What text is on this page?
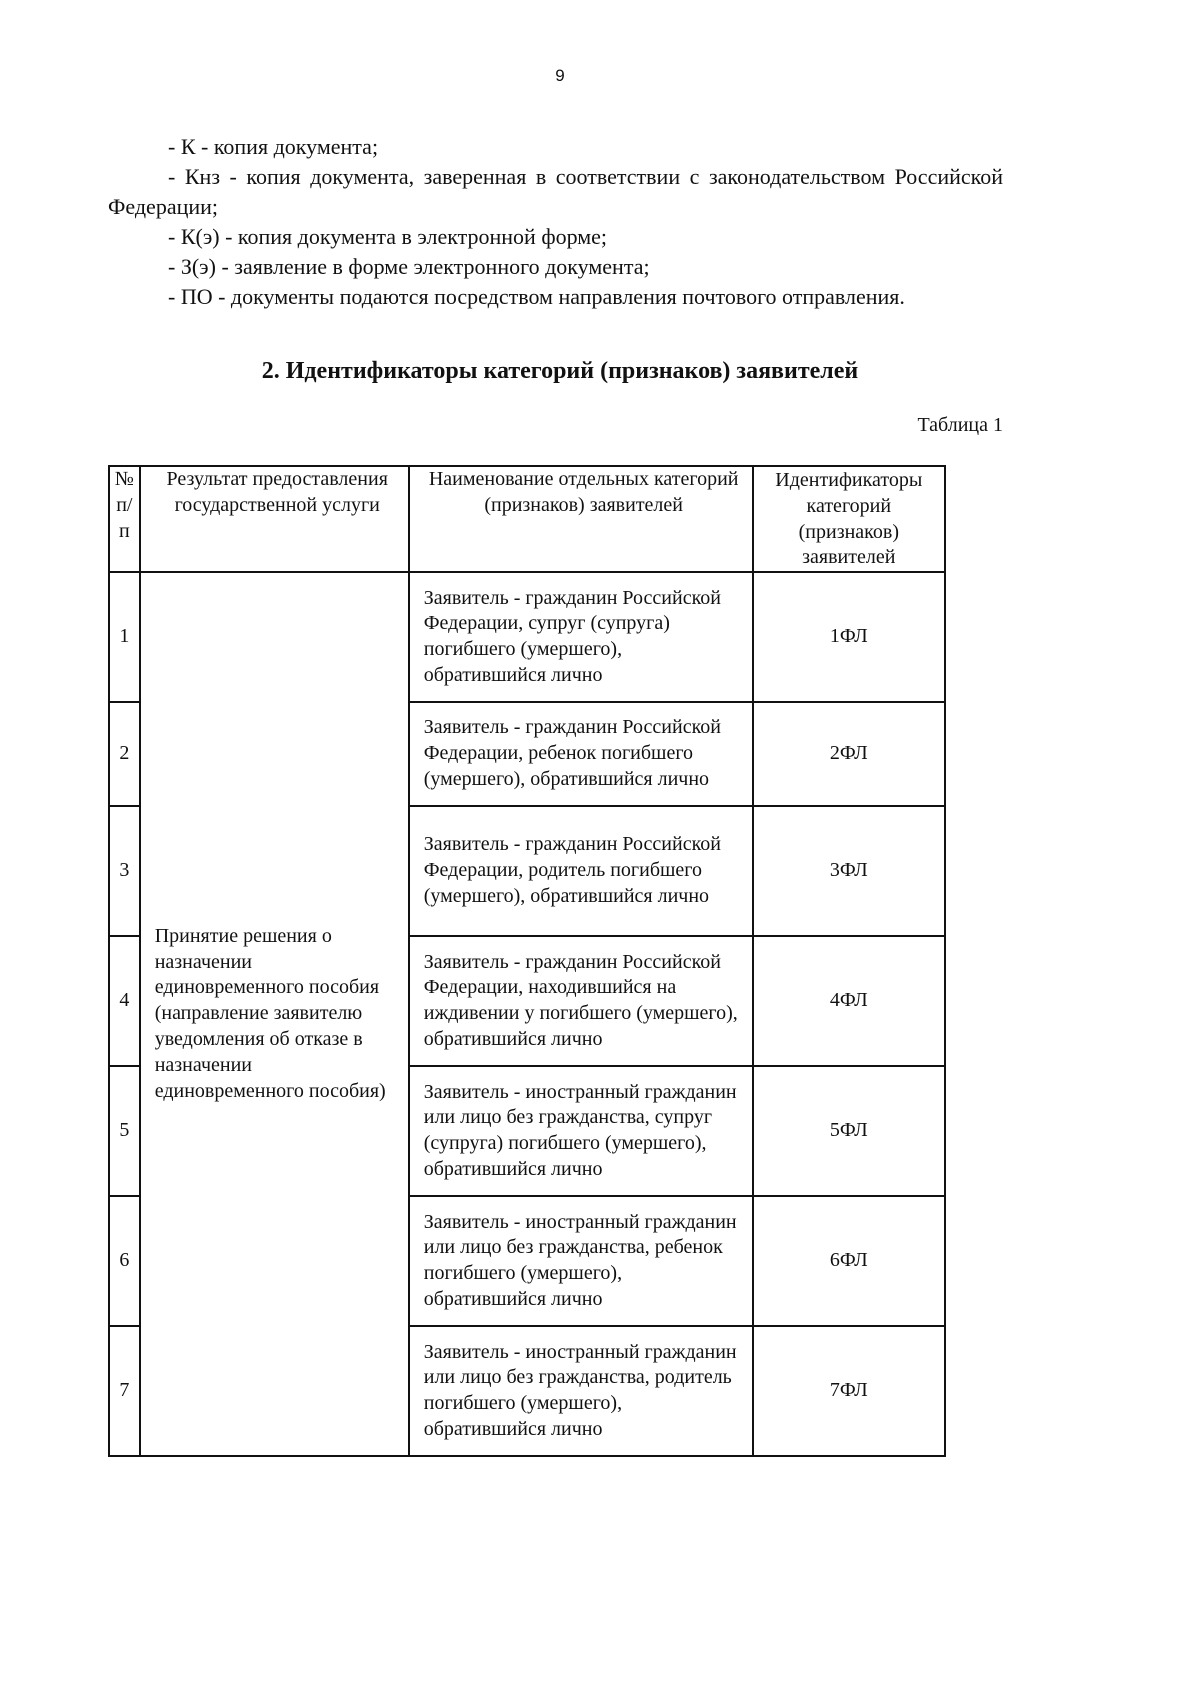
9

- К - копия документа;

- Кнз - копия документа, заверенная в соответствии с законодательством Российской Федерации;

- К(э) - копия документа в электронной форме;

- З(э) - заявление в форме электронного документа;

- ПО - документы подаются посредством направления почтового отправления.

2. Идентификаторы категорий (признаков) заявителей
Таблица 1
№ п/п	Результат предоставления государственной услуги	Наименование отдельных категорий (признаков) заявителей	Идентификаторы категорий (признаков) заявителей
1	Принятие решения о назначении единовременного пособия (направление заявителю уведомления об отказе в назначении единовременного пособия)	Заявитель - гражданин Российской Федерации, супруг (супруга) погибшего (умершего), обратившийся лично	1ФЛ
2		Заявитель - гражданин Российской Федерации, ребенок погибшего (умершего), обратившийся лично	2ФЛ
3		Заявитель - гражданин Российской Федерации, родитель погибшего (умершего), обратившийся лично	3ФЛ
4		Заявитель - гражданин Российской Федерации, находившийся на иждивении у погибшего (умершего), обратившийся лично	4ФЛ
5		Заявитель - иностранный гражданин или лицо без гражданства, супруг (супруга) погибшего (умершего), обратившийся лично	5ФЛ
6		Заявитель - иностранный гражданин или лицо без гражданства, ребенок погибшего (умершего), обратившийся лично	6ФЛ
7		Заявитель - иностранный гражданин или лицо без гражданства, родитель погибшего (умершего), обратившийся лично	7ФЛ
